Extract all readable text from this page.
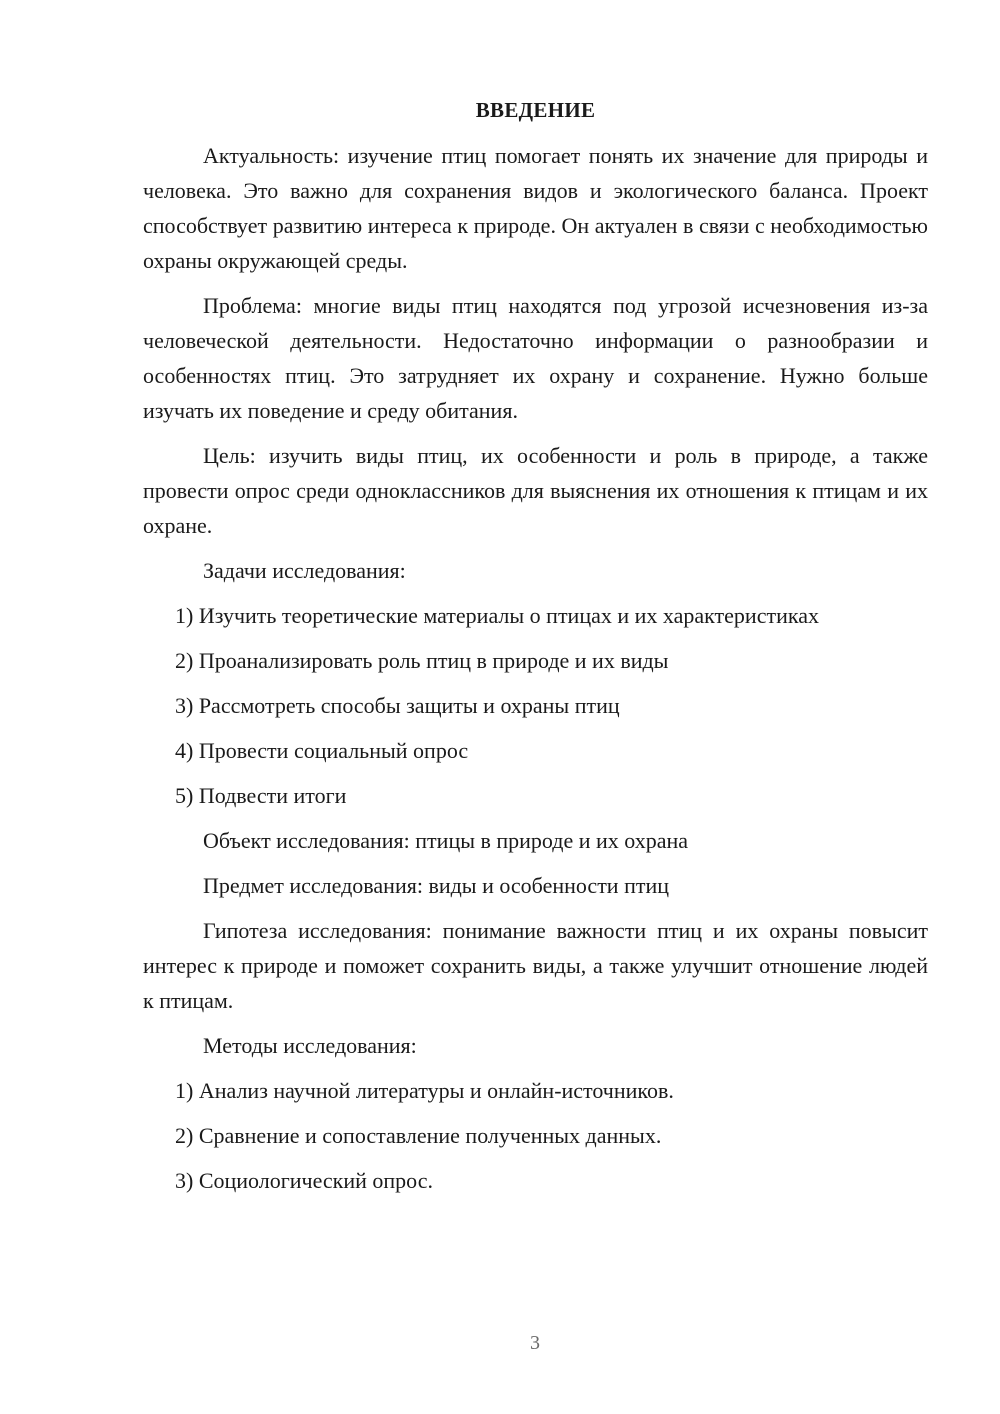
ВВЕДЕНИЕ

Актуальность: изучение птиц помогает понять их значение для природы и человека. Это важно для сохранения видов и экологического баланса. Проект способствует развитию интереса к природе. Он актуален в связи с необходимостью охраны окружающей среды.

Проблема: многие виды птиц находятся под угрозой исчезновения из-за человеческой деятельности. Недостаточно информации о разнообразии и особенностях птиц. Это затрудняет их охрану и сохранение. Нужно больше изучать их поведение и среду обитания.

Цель: изучить виды птиц, их особенности и роль в природе, а также провести опрос среди одноклассников для выяснения их отношения к птицам и их охране.

Задачи исследования:
1) Изучить теоретические материалы о птицах и их характеристиках
2) Проанализировать роль птиц в природе и их виды
3) Рассмотреть способы защиты и охраны птиц
4) Провести социальный опрос
5) Подвести итоги
Объект исследования: птицы в природе и их охрана
Предмет исследования: виды и особенности птиц

Гипотеза исследования: понимание важности птиц и их охраны повысит интерес к природе и поможет сохранить виды, а также улучшит отношение людей к птицам.

Методы исследования:
1) Анализ научной литературы и онлайн-источников.
2) Сравнение и сопоставление полученных данных.
3) Социологический опрос.
3
